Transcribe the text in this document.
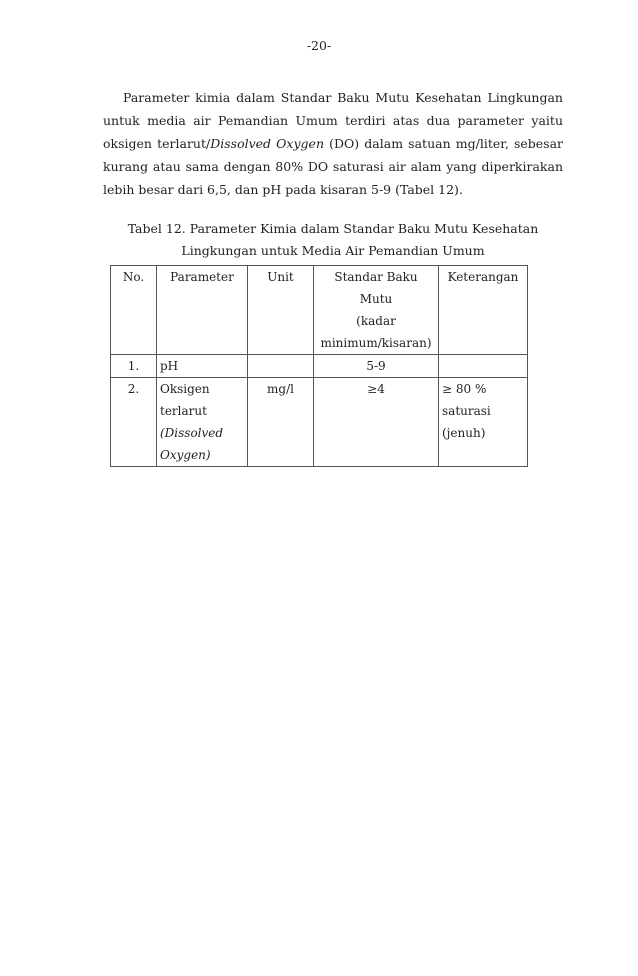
-20-

Parameter kimia dalam Standar Baku Mutu Kesehatan Lingkungan untuk media air Pemandian Umum terdiri atas dua parameter yaitu oksigen terlarut/Dissolved Oxygen (DO) dalam satuan mg/liter, sebesar kurang atau sama dengan 80% DO saturasi air alam yang diperkirakan lebih besar dari 6,5, dan pH pada kisaran 5-9 (Tabel 12).

Tabel 12. Parameter Kimia dalam Standar Baku Mutu Kesehatan
Lingkungan untuk Media Air Pemandian Umum
No.	Parameter	Unit	Standar Baku
Mutu
(kadar
minimum/kisaran)	Keterangan
1.	pH		5-9	
2.	Oksigen
terlarut
(Dissolved
Oxygen)	mg/l	≥4	≥ 80 %
saturasi
(jenuh)
